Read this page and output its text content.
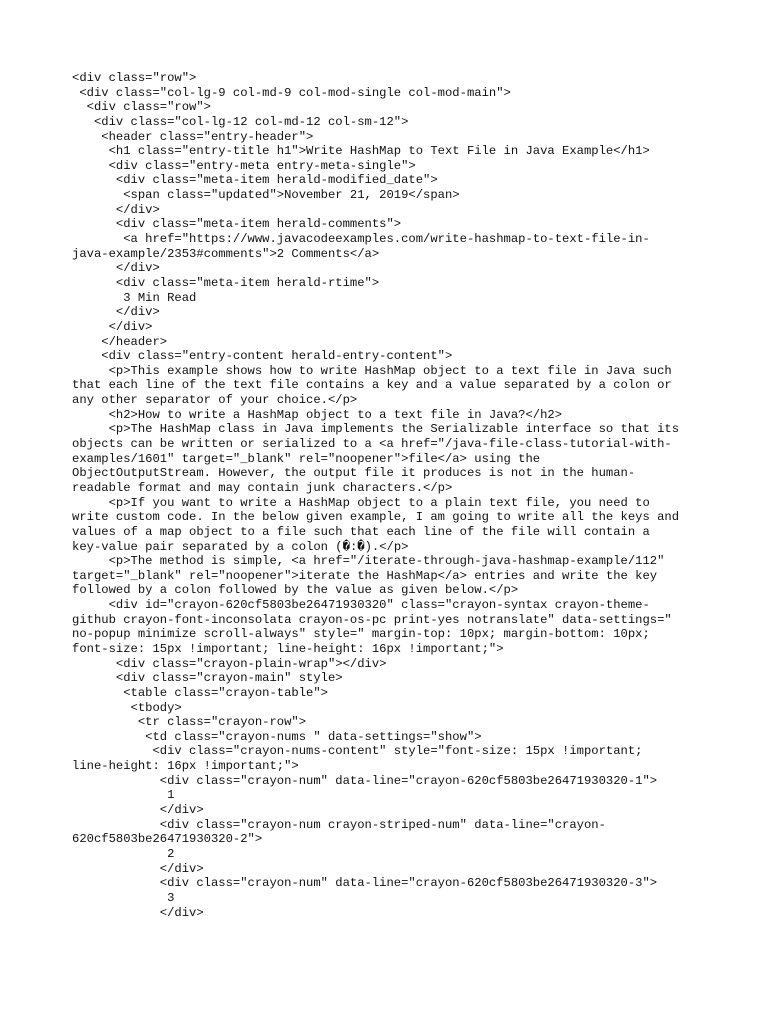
<div class="row">
<div class="col-lg-9 col-md-9 col-mod-single col-mod-main">
<div class="row">
<div class="col-lg-12 col-md-12 col-sm-12">
<header class="entry-header">
<h1 class="entry-title h1">Write HashMap to Text File in Java Example</h1>
<div class="entry-meta entry-meta-single">
<div class="meta-item herald-modified_date">
<span class="updated">November 21, 2019</span>
</div>
<div class="meta-item herald-comments">
<a href="https://www.javacodeexamples.com/write-hashmap-to-text-file-in-
java-example/2353#comments">2 Comments</a>
</div>
<div class="meta-item herald-rtime">
3 Min Read
</div>
</div>
</header>
<div class="entry-content herald-entry-content">
<p>This example shows how to write HashMap object to a text file in Java such
that each line of the text file contains a key and a value separated by a colon or
any other separator of your choice.</p>
<h2>How to write a HashMap object to a text file in Java?</h2>
<p>The HashMap class in Java implements the Serializable interface so that its
objects can be written or serialized to a <a href="/java-file-class-tutorial-with-
examples/1601" target="_blank" rel="noopener">file</a> using the
ObjectOutputStream. However, the output file it produces is not in the human-
readable format and may contain junk characters.</p>
<p>If you want to write a HashMap object to a plain text file, you need to
write custom code. In the below given example, I am going to write all the keys and
values of a map object to a file such that each line of the file will contain a
key-value pair separated by a colon (�:�).</p>
<p>The method is simple, <a href="/iterate-through-java-hashmap-example/112"
target="_blank" rel="noopener">iterate the HashMap</a> entries and write the key
followed by a colon followed by the value as given below.</p>
<div id="crayon-620cf5803be26471930320" class="crayon-syntax crayon-theme-
github crayon-font-inconsolata crayon-os-pc print-yes notranslate" data-settings="
no-popup minimize scroll-always" style=" margin-top: 10px; margin-bottom: 10px;
font-size: 15px !important; line-height: 16px !important;">
<div class="crayon-plain-wrap"></div>
<div class="crayon-main" style>
<table class="crayon-table">
<tbody>
<tr class="crayon-row">
<td class="crayon-nums " data-settings="show">
<div class="crayon-nums-content" style="font-size: 15px !important;
line-height: 16px !important;">
<div class="crayon-num" data-line="crayon-620cf5803be26471930320-1">
1
</div>
<div class="crayon-num crayon-striped-num" data-line="crayon-
620cf5803be26471930320-2">
2
</div>
<div class="crayon-num" data-line="crayon-620cf5803be26471930320-3">
3
</div>
